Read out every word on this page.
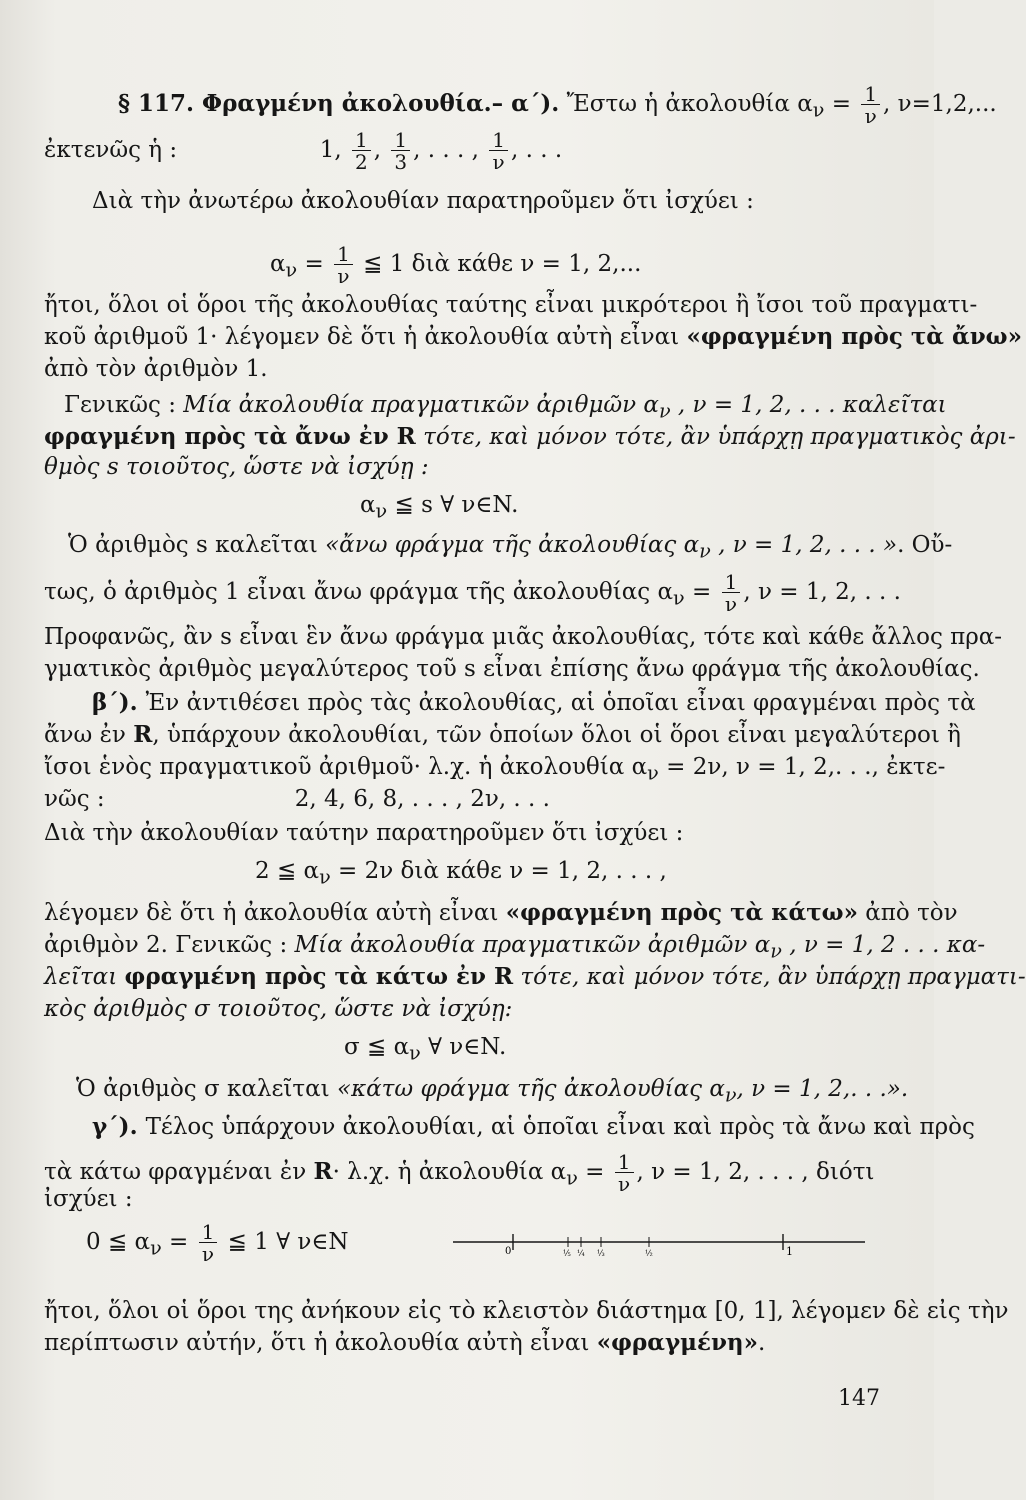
§ 117. Φραγμένη ἀκολουθία.– α΄). Ἔστω ἡ ἀκολουθία $\alpha_\nu = \frac{1}{\nu}$ , ν=1,2,...
ἐκτενῶς ἡ :	1, $\frac{1}{2}$ , $\frac{1}{3}$ , . . . , $\frac{1}{\nu}$ , . . .
Διὰ τὴν ἀνωτέρω ἀκολουθίαν παρατηροῦμεν ὅτι ἰσχύει :
$\alpha_\nu = \frac{1}{\nu}$ ≦ 1 διὰ κάθε ν = 1, 2,...
ἤτοι, ὅλοι οἱ ὅροι τῆς ἀκολουθίας ταύτης εἶναι μικρότεροι ἢ ἴσοι τοῦ πραγματι-
κοῦ ἀριθμοῦ 1· λέγομεν δὲ ὅτι ἡ ἀκολουθία αὐτὴ εἶναι «φραγμένη πρὸς τὰ ἄνω»
ἀπὸ τὸν ἀριθμὸν 1.
Γενικῶς : Μία ἀκολουθία πραγματικῶν ἀριθμῶν $\alpha_\nu$ , ν = 1, 2, . . . καλεῖται
φραγμένη πρὸς τὰ ἄνω ἐν R τότε, καὶ μόνον τότε, ἂν ὑπάρχῃ πραγματικὸς ἀρι-
θμὸς s τοιοῦτος, ὥστε νὰ ἰσχύῃ :
$\alpha_\nu$ ≦ s ∀ ν∈N.
Ὁ ἀριθμὸς s καλεῖται «ἄνω φράγμα τῆς ἀκολουθίας $\alpha_\nu$ , ν = 1, 2, . . . ». Οὔ-
τως, ὁ ἀριθμὸς 1 εἶναι ἄνω φράγμα τῆς ἀκολουθίας $\alpha_\nu = \frac{1}{\nu}$ , ν = 1, 2, . . .
Προφανῶς, ἂν s εἶναι ἓν ἄνω φράγμα μιᾶς ἀκολουθίας, τότε καὶ κάθε ἄλλος πρα-
γματικὸς ἀριθμὸς μεγαλύτερος τοῦ s εἶναι ἐπίσης ἄνω φράγμα τῆς ἀκολουθίας.
β΄). Ἐν ἀντιθέσει πρὸς τὰς ἀκολουθίας, αἱ ὁποῖαι εἶναι φραγμέναι πρὸς τὰ
ἄνω ἐν R, ὑπάρχουν ἀκολουθίαι, τῶν ὁποίων ὅλοι οἱ ὅροι εἶναι μεγαλύτεροι ἢ
ἴσοι ἑνὸς πραγματικοῦ ἀριθμοῦ· λ.χ. ἡ ἀκολουθία $\alpha_\nu = 2\nu$, ν = 1, 2,. . ., ἐκτε-
νῶς :	2, 4, 6, 8, . . . , 2ν, . . .
Διὰ τὴν ἀκολουθίαν ταύτην παρατηροῦμεν ὅτι ἰσχύει :
2 ≦ $\alpha_\nu = 2\nu$ διὰ κάθε ν = 1, 2, . . . ,
λέγομεν δὲ ὅτι ἡ ἀκολουθία αὐτὴ εἶναι «φραγμένη πρὸς τὰ κάτω» ἀπὸ τὸν
ἀριθμὸν 2. Γενικῶς : Μία ἀκολουθία πραγματικῶν ἀριθμῶν $\alpha_\nu$ , ν = 1, 2 . . . κα-
λεῖται φραγμένη πρὸς τὰ κάτω ἐν R τότε, καὶ μόνον τότε, ἂν ὑπάρχῃ πραγματι-
κὸς ἀριθμὸς σ τοιοῦτος, ὥστε νὰ ἰσχύῃ:
σ ≦ $\alpha_\nu$ ∀ ν∈N.
Ὁ ἀριθμὸς σ καλεῖται «κάτω φράγμα τῆς ἀκολουθίας $\alpha_\nu$, ν = 1, 2,. . .».
γ΄). Τέλος ὑπάρχουν ἀκολουθίαι, αἱ ὁποῖαι εἶναι καὶ πρὸς τὰ ἄνω καὶ πρὸς
τὰ κάτω φραγμέναι ἐν R· λ.χ. ἡ ἀκολουθία $\alpha_\nu = \frac{1}{\nu}$ , ν = 1, 2, . . . , διότι
ἰσχύει :
0 ≦ $\alpha_\nu = \frac{1}{\nu}$ ≦ 1 ∀ ν∈N	0	1
⅕ ¼ ⅓	½
ἤτοι, ὅλοι οἱ ὅροι της ἀνήκουν εἰς τὸ κλειστὸν διάστημα [0, 1], λέγομεν δὲ εἰς τὴν
περίπτωσιν αὐτήν, ὅτι ἡ ἀκολουθία αὐτὴ εἶναι «φραγμένη».
147
